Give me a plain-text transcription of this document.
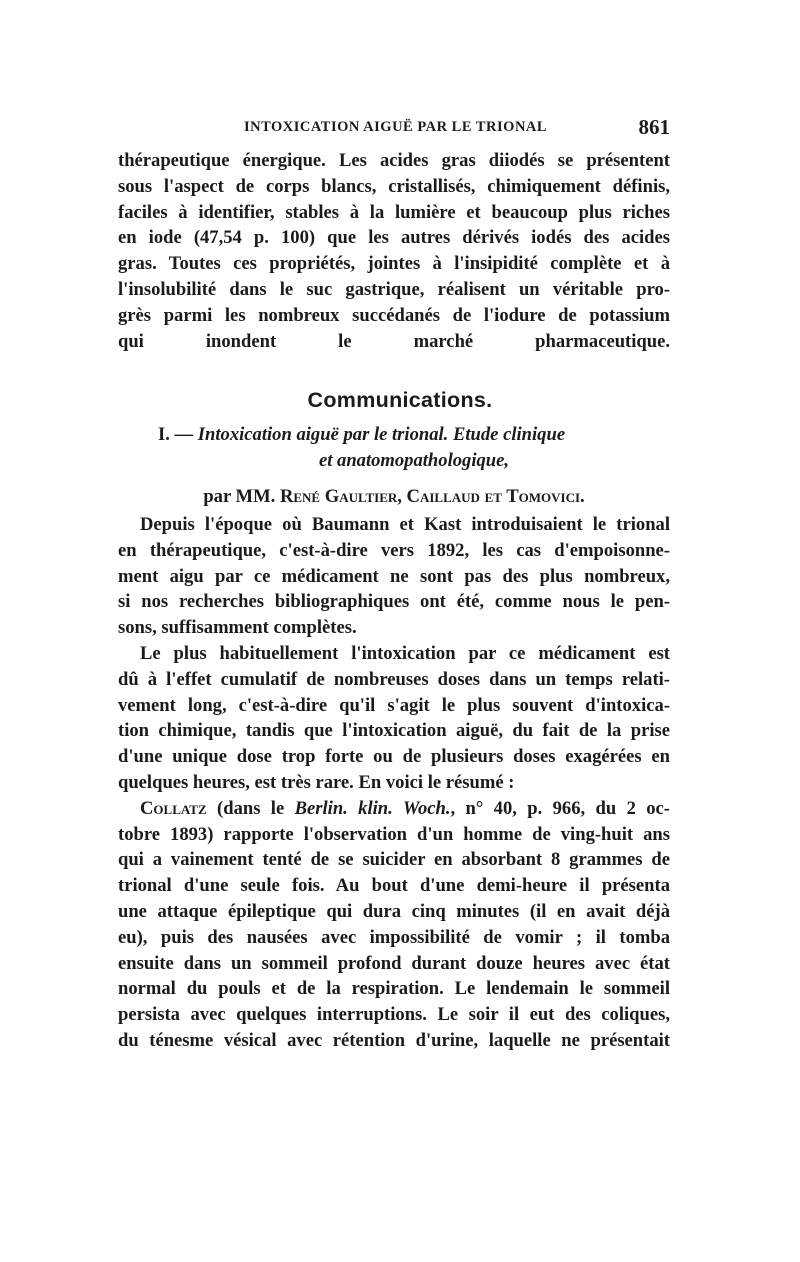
INTOXICATION AIGUË PAR LE TRIONAL	861
thérapeutique énergique. Les acides gras diiodés se présentent
sous l'aspect de corps blancs, cristallisés, chimiquement définis,
faciles à identifier, stables à la lumière et beaucoup plus riches
en iode (47,54 p. 100) que les autres dérivés iodés des acides
gras. Toutes ces propriétés, jointes à l'insipidité complète et à
l'insolubilité dans le suc gastrique, réalisent un véritable pro-
grès parmi les nombreux succédanés de l'iodure de potassium
qui inondent le marché pharmaceutique.
Communications.
I. — Intoxication aiguë par le trional. Etude clinique
et anatomopathologique,
par MM. René Gaultier, Caillaud et Tomovici.
Depuis l'époque où Baumann et Kast introduisaient le trional
en thérapeutique, c'est-à-dire vers 1892, les cas d'empoisonne-
ment aigu par ce médicament ne sont pas des plus nombreux,
si nos recherches bibliographiques ont été, comme nous le pen-
sons, suffisamment complètes.
Le plus habituellement l'intoxication par ce médicament est
dû à l'effet cumulatif de nombreuses doses dans un temps relati-
vement long, c'est-à-dire qu'il s'agit le plus souvent d'intoxica-
tion chimique, tandis que l'intoxication aiguë, du fait de la prise
d'une unique dose trop forte ou de plusieurs doses exagérées en
quelques heures, est très rare. En voici le résumé :
Collatz (dans le Berlin. klin. Woch., n° 40, p. 966, du 2 oc-
tobre 1893) rapporte l'observation d'un homme de ving-huit ans
qui a vainement tenté de se suicider en absorbant 8 grammes de
trional d'une seule fois. Au bout d'une demi-heure il présenta
une attaque épileptique qui dura cinq minutes (il en avait déjà
eu), puis des nausées avec impossibilité de vomir ; il tomba
ensuite dans un sommeil profond durant douze heures avec état
normal du pouls et de la respiration. Le lendemain le sommeil
persista avec quelques interruptions. Le soir il eut des coliques,
du ténesme vésical avec rétention d'urine, laquelle ne présentait
